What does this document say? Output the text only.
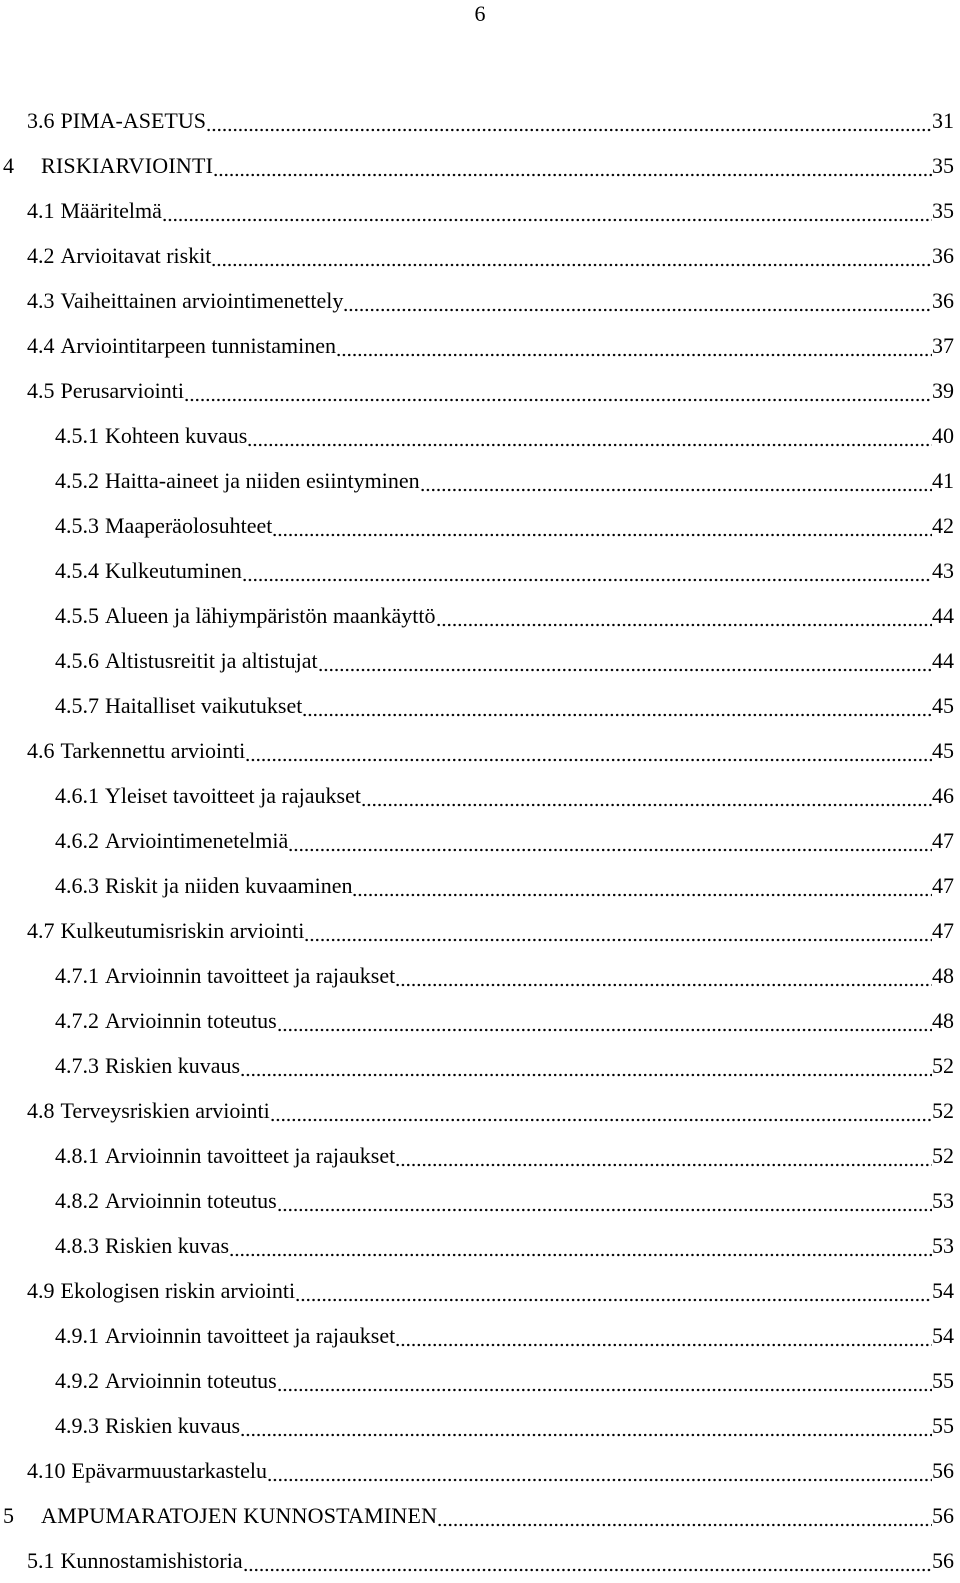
6
3.6 PIMA-ASETUS	31
4	RISKIARVIOINTI	35
4.1 Määritelmä	35
4.2 Arvioitavat riskit	36
4.3 Vaiheittainen arviointimenettely	36
4.4 Arviointitarpeen tunnistaminen	37
4.5 Perusarviointi	39
4.5.1 Kohteen kuvaus	40
4.5.2 Haitta-aineet ja niiden esiintyminen	41
4.5.3 Maaperäolosuhteet	42
4.5.4 Kulkeutuminen	43
4.5.5 Alueen ja lähiympäristön maankäyttö	44
4.5.6 Altistusreitit ja altistujat	44
4.5.7 Haitalliset vaikutukset	45
4.6 Tarkennettu arviointi	45
4.6.1 Yleiset tavoitteet ja rajaukset	46
4.6.2 Arviointimenetelmiä	47
4.6.3 Riskit ja niiden kuvaaminen	47
4.7 Kulkeutumisriskin arviointi	47
4.7.1 Arvioinnin tavoitteet ja rajaukset	48
4.7.2 Arvioinnin toteutus	48
4.7.3 Riskien kuvaus	52
4.8 Terveysriskien arviointi	52
4.8.1 Arvioinnin tavoitteet ja rajaukset	52
4.8.2 Arvioinnin toteutus	53
4.8.3 Riskien kuvas	53
4.9 Ekologisen riskin arviointi	54
4.9.1 Arvioinnin tavoitteet ja rajaukset	54
4.9.2 Arvioinnin toteutus	55
4.9.3 Riskien kuvaus	55
4.10 Epävarmuustarkastelu	56
5	AMPUMARATOJEN KUNNOSTAMINEN	56
5.1 Kunnostamishistoria	56
